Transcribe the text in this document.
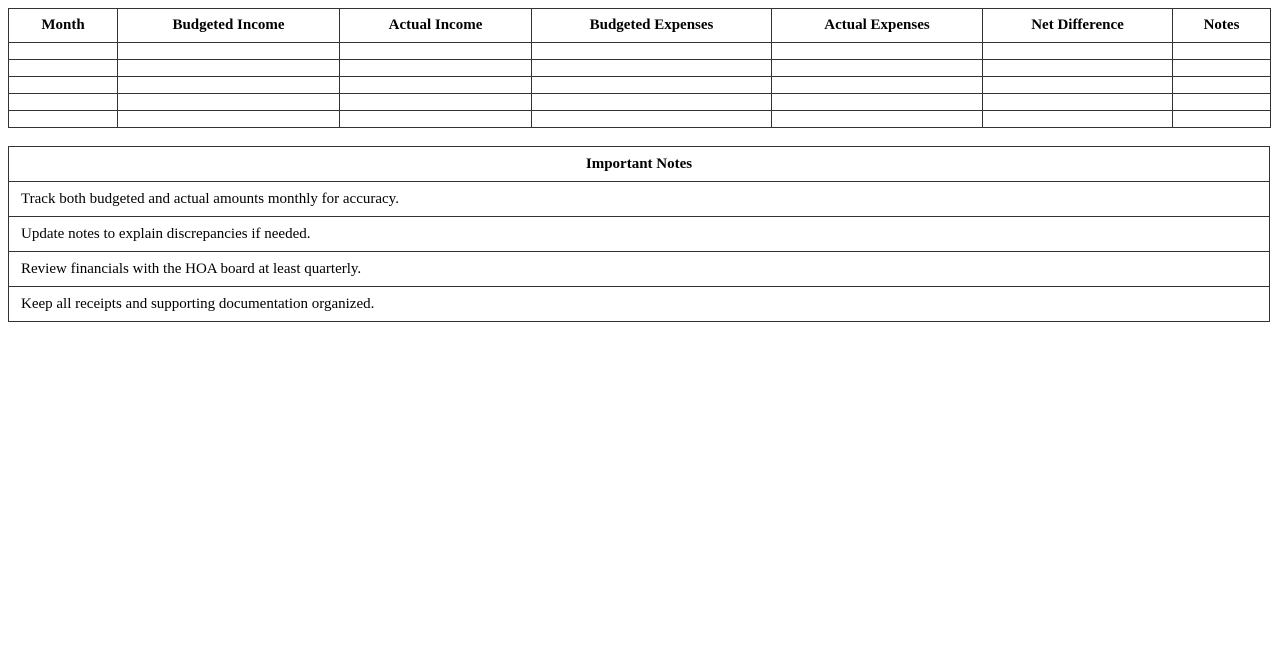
Month	Budgeted Income	Actual Income	Budgeted Expenses	Actual Expenses	Net Difference	Notes

Important Notes
Track both budgeted and actual amounts monthly for accuracy.
Update notes to explain discrepancies if needed.
Review financials with the HOA board at least quarterly.
Keep all receipts and supporting documentation organized.
